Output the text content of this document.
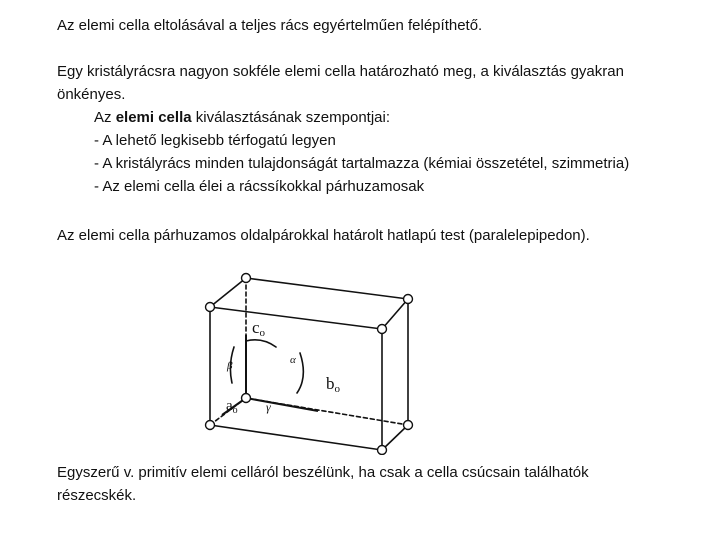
Az elemi cella eltolásával a teljes rács egyértelműen felépíthető.
Egy kristályrácsra nagyon sokféle elemi cella határozható meg, a kiválasztás gyakran
önkényes.
Az elemi cella kiválasztásának szempontjai:
- A lehető legkisebb térfogatú legyen
- A kristályrács minden tulajdonságát tartalmazza (kémiai összetétel, szimmetria)
- Az elemi cella élei a rácssíkokkal párhuzamosak
Az elemi cella párhuzamos oldalpárokkal határolt hatlapú test (paralelepipedon).
co
bo
$a_o$
α
β
γ
Egyszerű v. primitív elemi celláról beszélünk, ha csak a cella csúcsain találhatók
részecskék.
